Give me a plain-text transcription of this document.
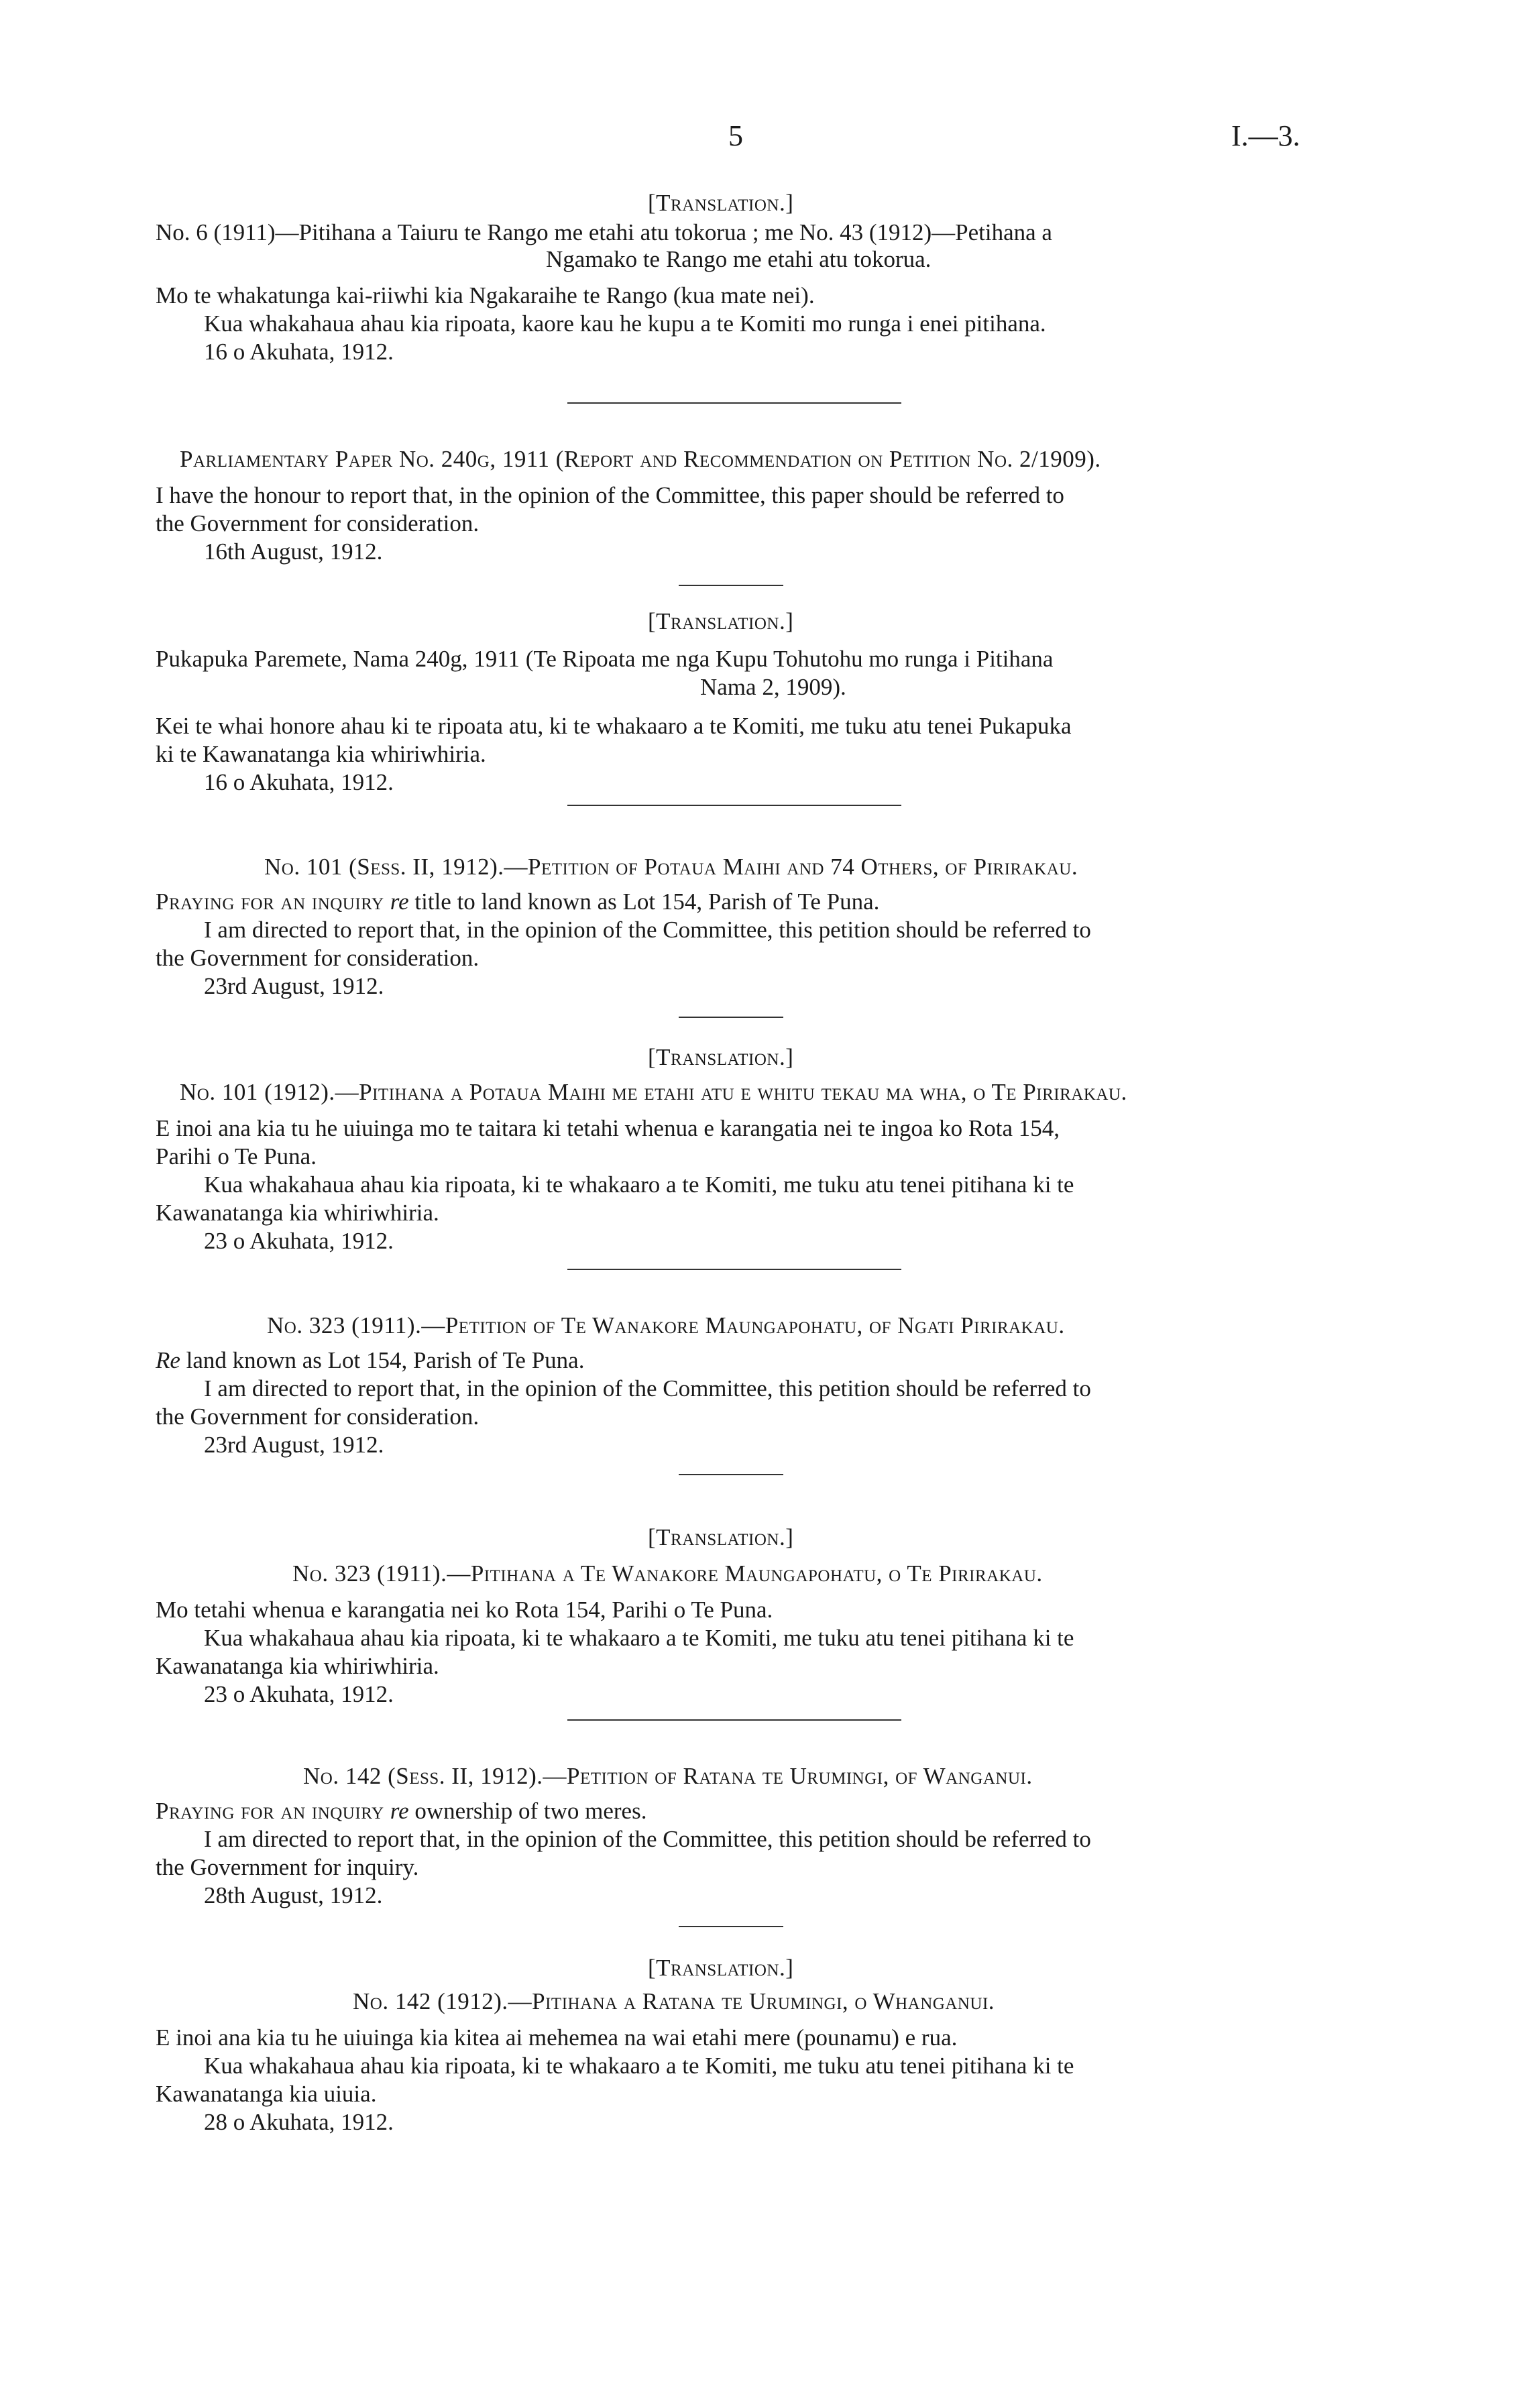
5	I.—3.

[Translation.]

No. 6 (1911)—Pitihana a Taiuru te Rango me etahi atu tokorua ; me No. 43 (1912)—Petihana a

Ngamako te Rango me etahi atu tokorua.

Mo te whakatunga kai-riiwhi kia Ngakaraihe te Rango (kua mate nei).

Kua whakahaua ahau kia ripoata, kaore kau he kupu a te Komiti mo runga i enei pitihana.

16 o Akuhata, 1912.

Parliamentary Paper No. 240g, 1911 (Report and Recommendation on Petition No. 2/1909).

I have the honour to report that, in the opinion of the Committee, this paper should be referred to

the Government for consideration.

16th August, 1912.

[Translation.]

Pukapuka Paremete, Nama 240g, 1911 (Te Ripoata me nga Kupu Tohutohu mo runga i Pitihana

Nama 2, 1909).

Kei te whai honore ahau ki te ripoata atu, ki te whakaaro a te Komiti, me tuku atu tenei Pukapuka

ki te Kawanatanga kia whiriwhiria.

16 o Akuhata, 1912.

No. 101 (Sess. II, 1912).—Petition of Potaua Maihi and 74 Others, of Pirirakau.

Praying for an inquiry re title to land known as Lot 154, Parish of Te Puna.

I am directed to report that, in the opinion of the Committee, this petition should be referred to

the Government for consideration.

23rd August, 1912.

[Translation.]

No. 101 (1912).—Pitihana a Potaua Maihi me etahi atu e whitu tekau ma wha, o Te Pirirakau.

E inoi ana kia tu he uiuinga mo te taitara ki tetahi whenua e karangatia nei te ingoa ko Rota 154,

Parihi o Te Puna.

Kua whakahaua ahau kia ripoata, ki te whakaaro a te Komiti, me tuku atu tenei pitihana ki te

Kawanatanga kia whiriwhiria.

23 o Akuhata, 1912.

No. 323 (1911).—Petition of Te Wanakore Maungapohatu, of Ngati Pirirakau.

Re land known as Lot 154, Parish of Te Puna.

I am directed to report that, in the opinion of the Committee, this petition should be referred to

the Government for consideration.

23rd August, 1912.

[Translation.]

No. 323 (1911).—Pitihana a Te Wanakore Maungapohatu, o Te Pirirakau.

Mo tetahi whenua e karangatia nei ko Rota 154, Parihi o Te Puna.

Kua whakahaua ahau kia ripoata, ki te whakaaro a te Komiti, me tuku atu tenei pitihana ki te

Kawanatanga kia whiriwhiria.

23 o Akuhata, 1912.

No. 142 (Sess. II, 1912).—Petition of Ratana te Urumingi, of Wanganui.

Praying for an inquiry re ownership of two meres.

I am directed to report that, in the opinion of the Committee, this petition should be referred to

the Government for inquiry.

28th August, 1912.

[Translation.]

No. 142 (1912).—Pitihana a Ratana te Urumingi, o Whanganui.

E inoi ana kia tu he uiuinga kia kitea ai mehemea na wai etahi mere (pounamu) e rua.

Kua whakahaua ahau kia ripoata, ki te whakaaro a te Komiti, me tuku atu tenei pitihana ki te

Kawanatanga kia uiuia.

28 o Akuhata, 1912.
